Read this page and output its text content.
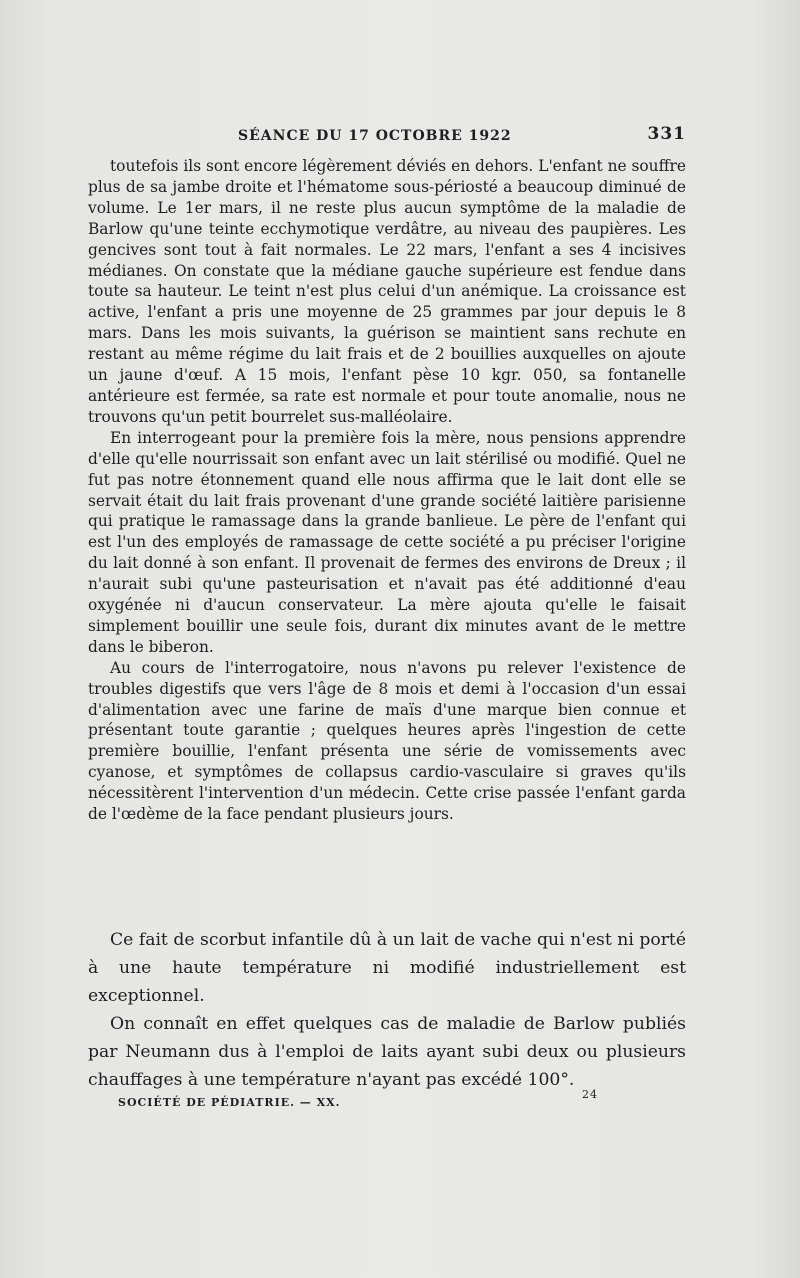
SÉANCE DU 17 OCTOBRE 1922	331

toutefois ils sont encore légèrement déviés en dehors. L'enfant ne souffre plus de sa jambe droite et l'hématome sous-périosté a beaucoup diminué de volume. Le 1er mars, il ne reste plus aucun symptôme de la maladie de Barlow qu'une teinte ecchymotique verdâtre, au niveau des paupières. Les gencives sont tout à fait normales. Le 22 mars, l'enfant a ses 4 incisives médianes. On constate que la médiane gauche supérieure est fendue dans toute sa hauteur. Le teint n'est plus celui d'un anémique. La croissance est active, l'enfant a pris une moyenne de 25 grammes par jour depuis le 8 mars. Dans les mois suivants, la guérison se maintient sans rechute en restant au même régime du lait frais et de 2 bouillies auxquelles on ajoute un jaune d'œuf. A 15 mois, l'enfant pèse 10 kgr. 050, sa fontanelle antérieure est fermée, sa rate est normale et pour toute anomalie, nous ne trouvons qu'un petit bourrelet sus-malléolaire.

En interrogeant pour la première fois la mère, nous pensions apprendre d'elle qu'elle nourrissait son enfant avec un lait stérilisé ou modifié. Quel ne fut pas notre étonnement quand elle nous affirma que le lait dont elle se servait était du lait frais provenant d'une grande société laitière parisienne qui pratique le ramassage dans la grande banlieue. Le père de l'enfant qui est l'un des employés de ramassage de cette société a pu préciser l'origine du lait donné à son enfant. Il provenait de fermes des environs de Dreux ; il n'aurait subi qu'une pasteurisation et n'avait pas été additionné d'eau oxygénée ni d'aucun conservateur. La mère ajouta qu'elle le faisait simplement bouillir une seule fois, durant dix minutes avant de le mettre dans le biberon.

Au cours de l'interrogatoire, nous n'avons pu relever l'existence de troubles digestifs que vers l'âge de 8 mois et demi à l'occasion d'un essai d'alimentation avec une farine de maïs d'une marque bien connue et présentant toute garantie ; quelques heures après l'ingestion de cette première bouillie, l'enfant présenta une série de vomissements avec cyanose, et symptômes de collapsus cardio-vasculaire si graves qu'ils nécessitèrent l'intervention d'un médecin. Cette crise passée l'enfant garda de l'œdème de la face pendant plusieurs jours.

Ce fait de scorbut infantile dû à un lait de vache qui n'est ni porté à une haute température ni modifié industriellement est exceptionnel.

On connaît en effet quelques cas de maladie de Barlow publiés par Neumann dus à l'emploi de laits ayant subi deux ou plusieurs chauffages à une température n'ayant pas excédé 100°.

SOCIÉTÉ DE PÉDIATRIE. — XX.
24
